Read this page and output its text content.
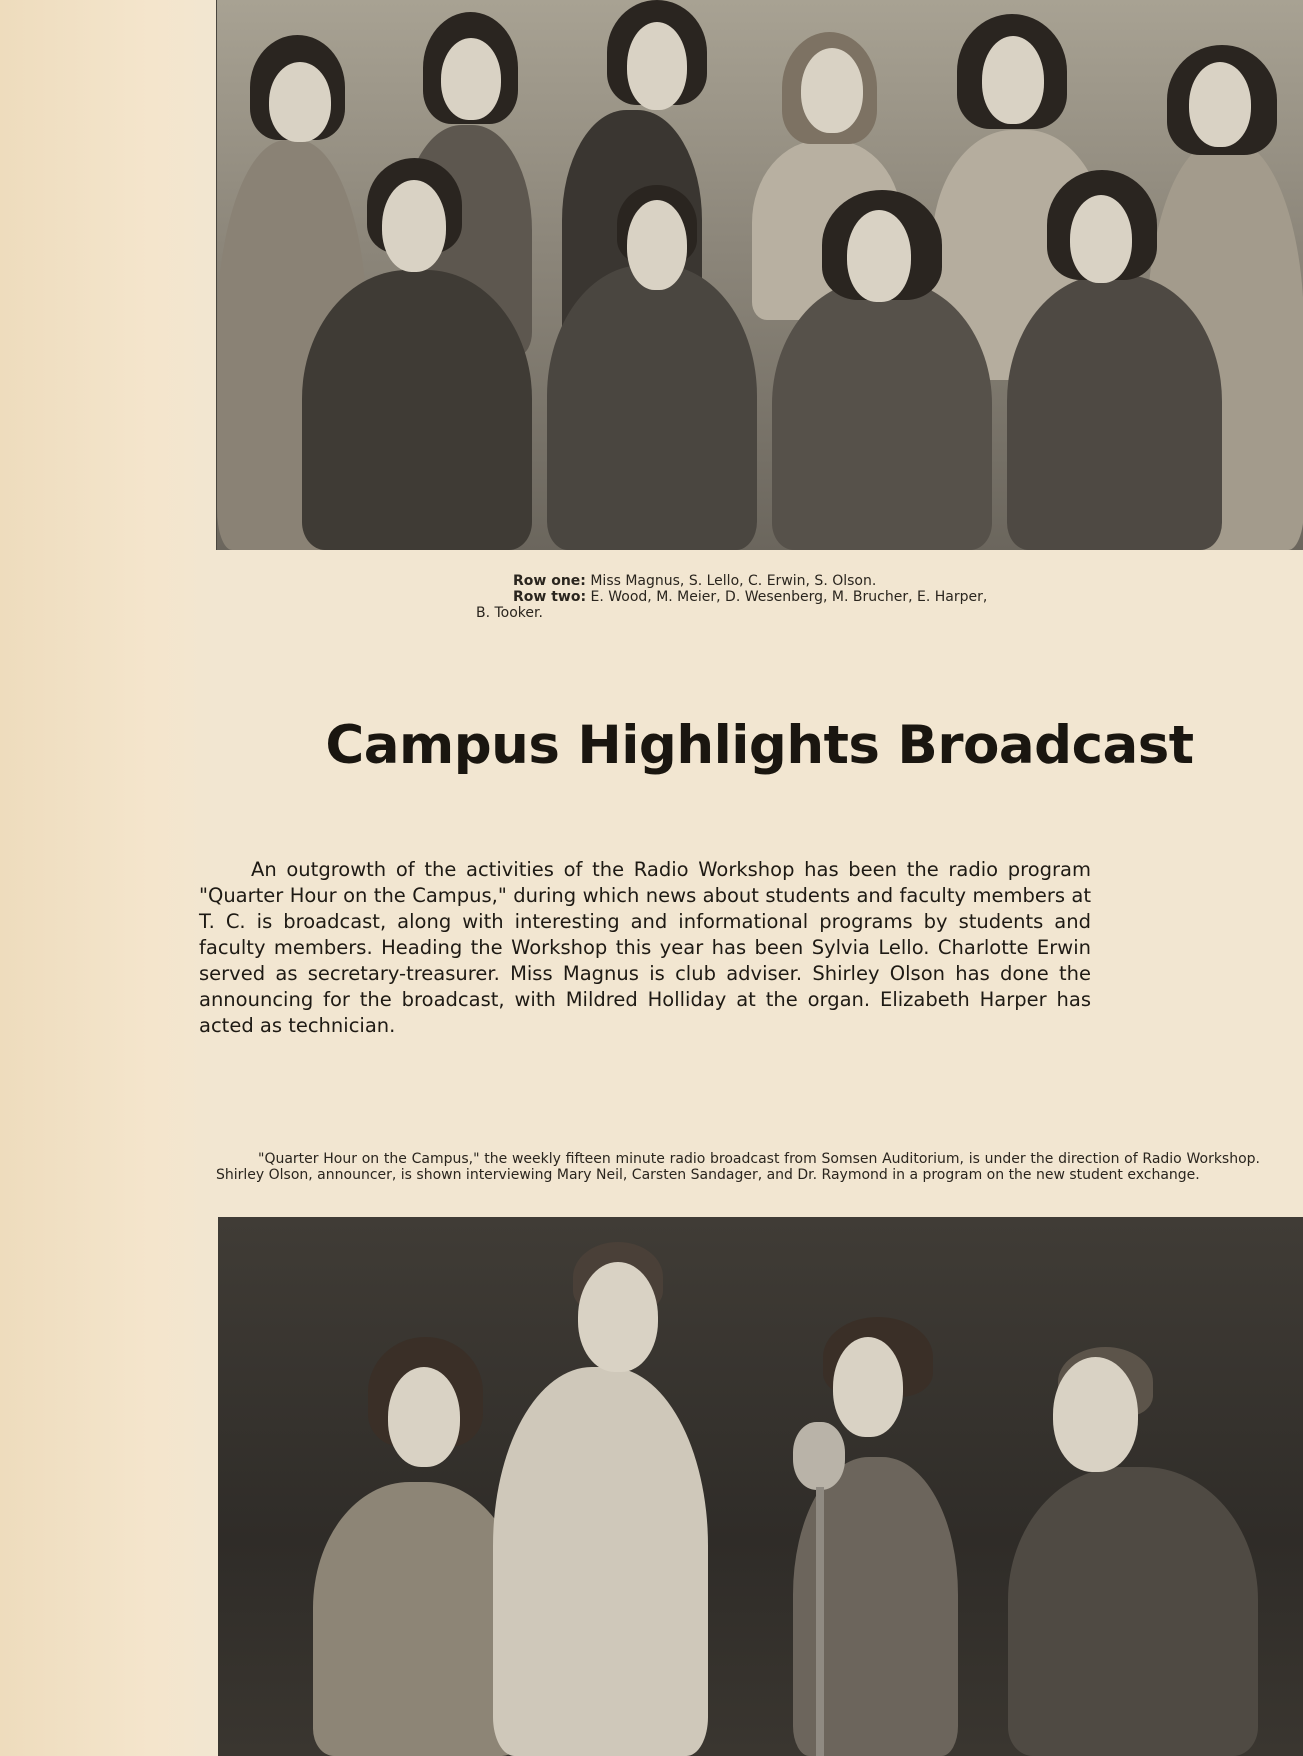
Row one: Miss Magnus, S. Lello, C. Erwin, S. Olson.
Row two: E. Wood, M. Meier, D. Wesenberg, M. Brucher, E. Harper,
B. Tooker.
Campus Highlights Broadcast
An outgrowth of the activities of the Radio Workshop has been the radio program "Quarter Hour on the Campus," during which news about students and faculty members at T. C. is broadcast, along with interesting and informational programs by students and faculty members. Heading the Workshop this year has been Sylvia Lello. Charlotte Erwin served as secretary-treasurer. Miss Magnus is club adviser. Shirley Olson has done the announcing for the broadcast, with Mildred Holliday at the organ. Elizabeth Harper has acted as technician.
"Quarter Hour on the Campus," the weekly fifteen minute radio broadcast from Somsen Auditorium, is under the direction of Radio Workshop. Shirley Olson, announcer, is shown interviewing Mary Neil, Carsten Sandager, and Dr. Raymond in a program on the new student exchange.
